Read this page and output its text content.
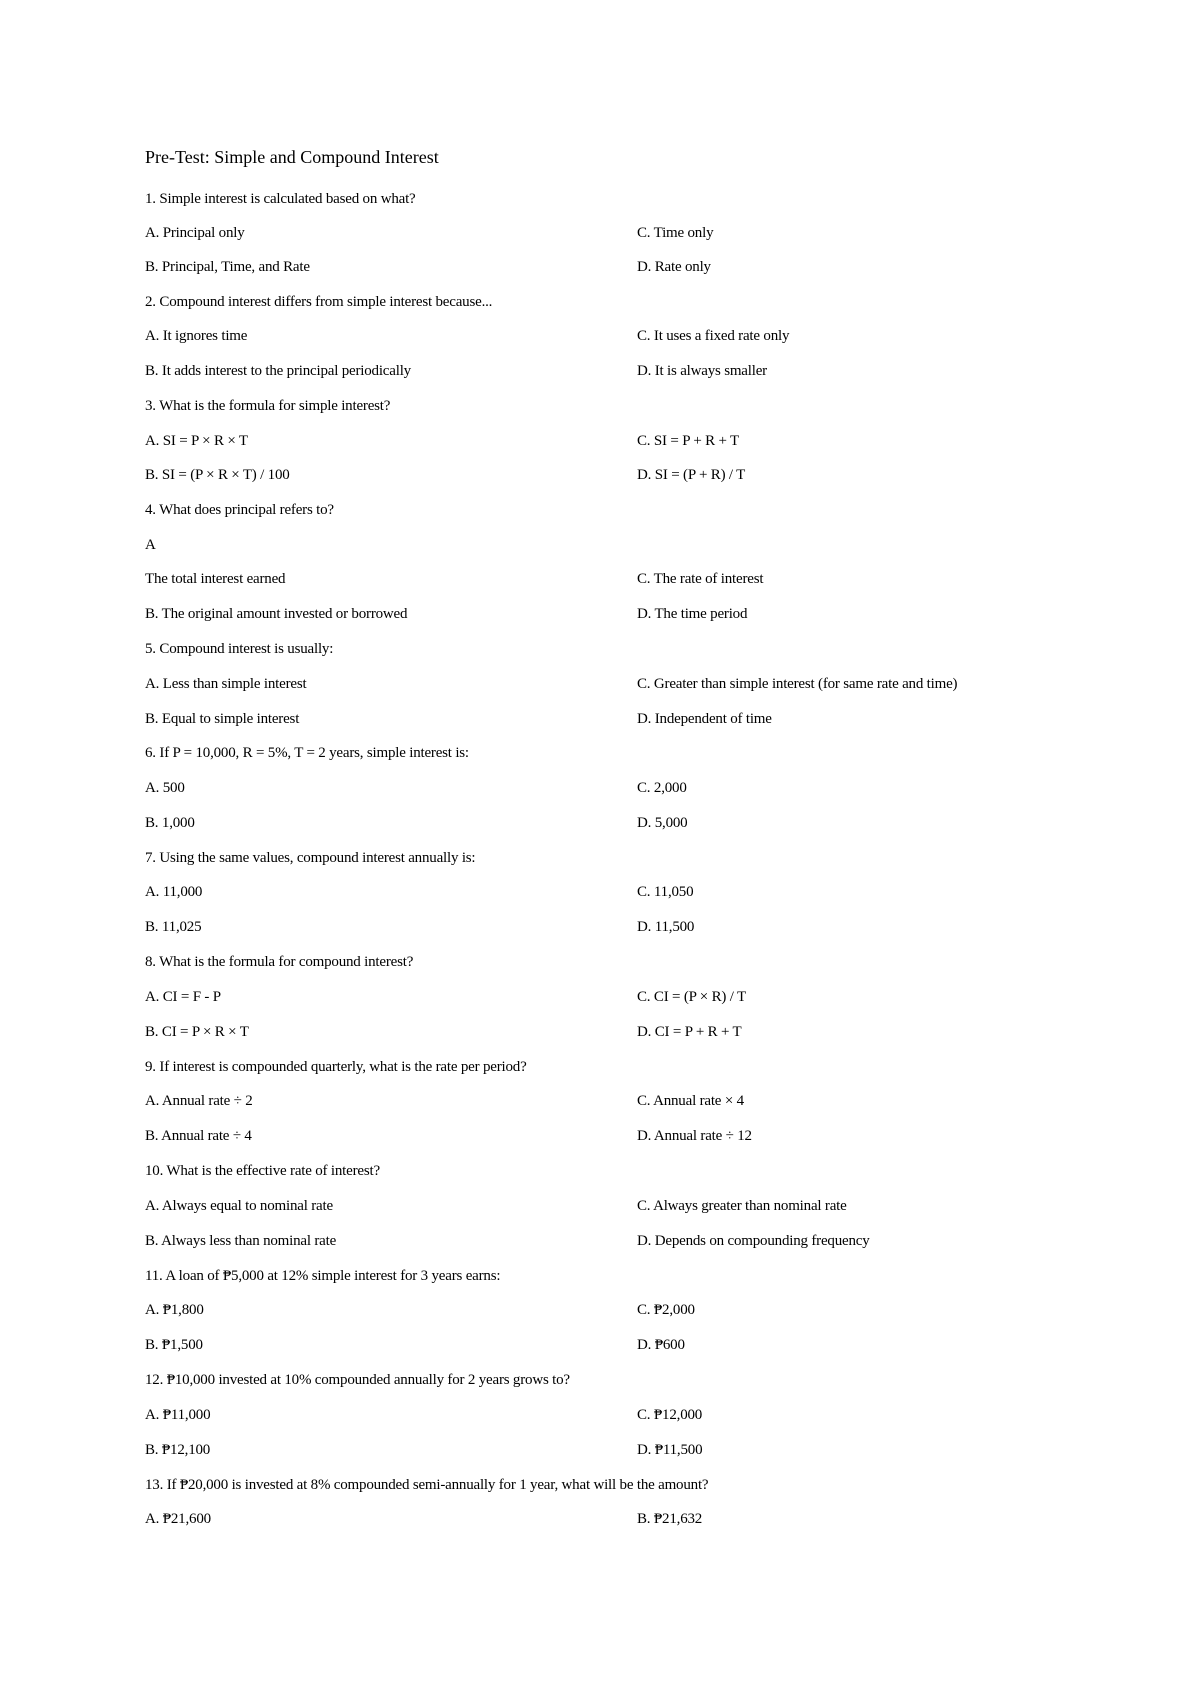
Pre-Test: Simple and Compound Interest
1. Simple interest is calculated based on what?
A. Principal only	C. Time only
B. Principal, Time, and Rate	D. Rate only
2. Compound interest differs from simple interest because...
A. It ignores time	C. It uses a fixed rate only
B. It adds interest to the principal periodically	D. It is always smaller
3. What is the formula for simple interest?
A. SI = P × R × T	C. SI = P + R + T
B. SI = (P × R × T) / 100	D. SI = (P + R) / T
4. What does principal refers to?
A
The total interest earned	C. The rate of interest
B. The original amount invested or borrowed	D. The time period
5. Compound interest is usually:
A. Less than simple interest	C. Greater than simple interest (for same rate and time)
B. Equal to simple interest	D. Independent of time
6. If P = 10,000, R = 5%, T = 2 years, simple interest is:
A. 500	C. 2,000
B. 1,000	D. 5,000
7. Using the same values, compound interest annually is:
A. 11,000	C. 11,050
B. 11,025	D. 11,500
8. What is the formula for compound interest?
A. CI = F - P	C. CI = (P × R) / T
B. CI = P × R × T	D. CI = P + R + T
9. If interest is compounded quarterly, what is the rate per period?
A. Annual rate ÷ 2	C. Annual rate × 4
B. Annual rate ÷ 4	D. Annual rate ÷ 12
10. What is the effective rate of interest?
A. Always equal to nominal rate	C. Always greater than nominal rate
B. Always less than nominal rate	D. Depends on compounding frequency
11. A loan of ₱5,000 at 12% simple interest for 3 years earns:
A. ₱1,800	C. ₱2,000
B. ₱1,500	D. ₱600
12. ₱10,000 invested at 10% compounded annually for 2 years grows to?
A. ₱11,000	C. ₱12,000
B. ₱12,100	D. ₱11,500
13. If ₱20,000 is invested at 8% compounded semi-annually for 1 year, what will be the amount?
A. ₱21,600	B. ₱21,632
